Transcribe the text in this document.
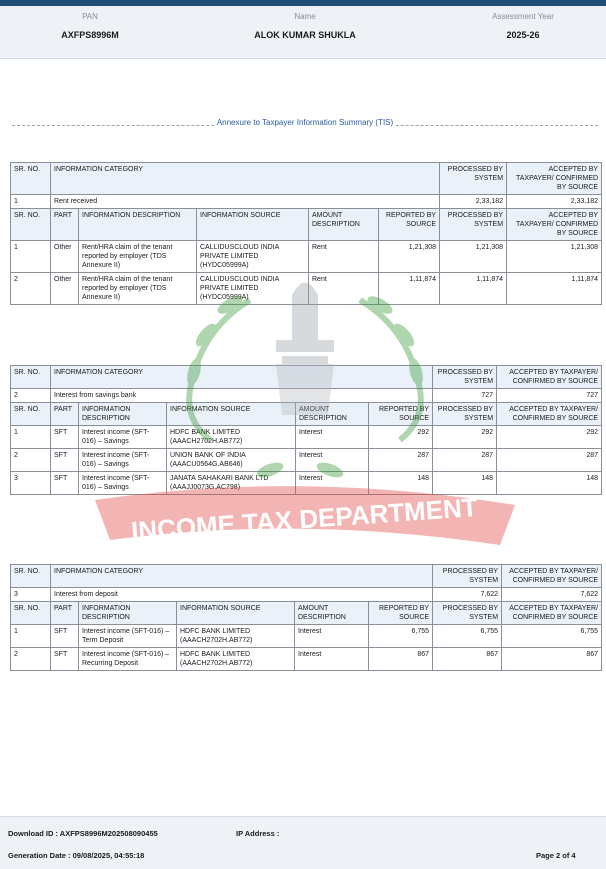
PAN
AXFPS8996M
Name
ALOK KUMAR SHUKLA
Assessment Year
2025-26
Annexure to Taxpayer Information Summary (TIS)
SR. NO.	INFORMATION CATEGORY					PROCESSED BY SYSTEM	ACCEPTED BY TAXPAYER/ CONFIRMED BY SOURCE
1	Rent received					2,33,182	2,33,182
SR. NO.	PART	INFORMATION DESCRIPTION	INFORMATION SOURCE	AMOUNT DESCRIPTION	REPORTED BY SOURCE	PROCESSED BY SYSTEM	ACCEPTED BY TAXPAYER/ CONFIRMED BY SOURCE
1	Other	Rent/HRA claim of the tenant reported by employer (TDS Annexure II)	CALLIDUSCLOUD INDIA PRIVATE LIMITED (HYDC05999A)	Rent	1,21,308	1,21,308	1,21,308
2	Other	Rent/HRA claim of the tenant reported by employer (TDS Annexure II)	CALLIDUSCLOUD INDIA PRIVATE LIMITED (HYDC05999A)	Rent	1,11,874	1,11,874	1,11,874
SR. NO.	INFORMATION CATEGORY					PROCESSED BY SYSTEM	ACCEPTED BY TAXPAYER/ CONFIRMED BY SOURCE
2	Interest from savings bank					727	727
SR. NO.	PART	INFORMATION DESCRIPTION	INFORMATION SOURCE	AMOUNT DESCRIPTION	REPORTED BY SOURCE	PROCESSED BY SYSTEM	ACCEPTED BY TAXPAYER/ CONFIRMED BY SOURCE
1	SFT	Interest income (SFT-016) – Savings	HDFC BANK LIMITED (AAACH2702H.AB772)	Interest	292	292	292
2	SFT	Interest income (SFT-016) – Savings	UNION BANK OF INDIA (AAACU0564G.AB646)	Interest	287	287	287
3	SFT	Interest income (SFT-016) – Savings	JANATA SAHAKARI BANK LTD (AAAJJ0073G.AC798)	Interest	148	148	148
SR. NO.	INFORMATION CATEGORY					PROCESSED BY SYSTEM	ACCEPTED BY TAXPAYER/ CONFIRMED BY SOURCE
3	Interest from deposit					7,622	7,622
SR. NO.	PART	INFORMATION DESCRIPTION	INFORMATION SOURCE	AMOUNT DESCRIPTION	REPORTED BY SOURCE	PROCESSED BY SYSTEM	ACCEPTED BY TAXPAYER/ CONFIRMED BY SOURCE
1	SFT	Interest income (SFT-016) – Term Deposit	HDFC BANK LIMITED (AAACH2702H.AB772)	Interest	6,755	6,755	6,755
2	SFT	Interest income (SFT-016) – Recurring Deposit	HDFC BANK LIMITED (AAACH2702H.AB772)	Interest	867	867	867
INCOME TAX DEPARTMENT
Download ID : AXFPS8996M202508090455	IP Address :
Generation Date : 09/08/2025, 04:55:18	Page 2 of 4
